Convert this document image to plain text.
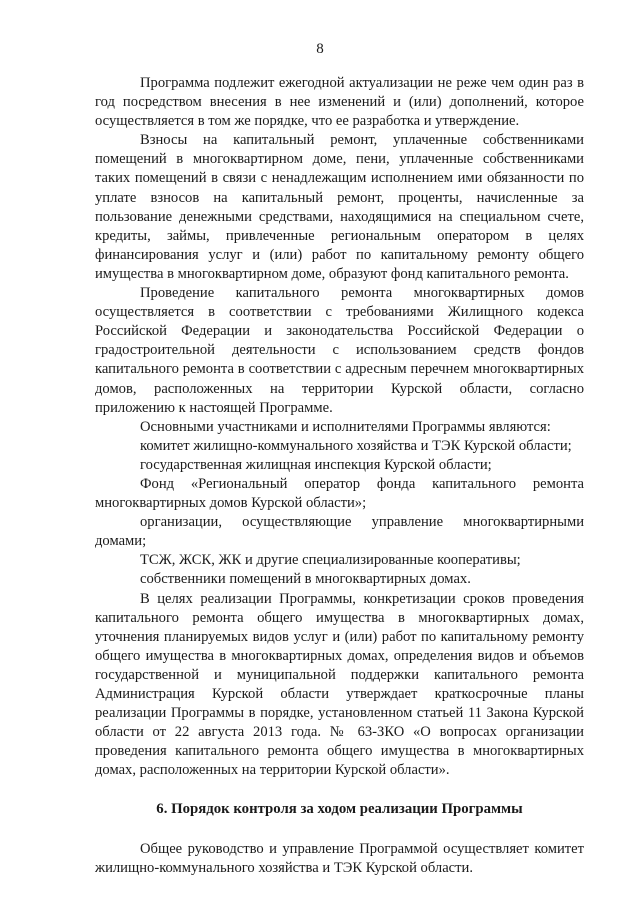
8

Программа подлежит ежегодной актуализации не реже чем один раз в год посредством внесения в нее изменений и (или) дополнений, которое осуществляется в том же порядке, что ее разработка и утверждение.

Взносы на капитальный ремонт, уплаченные собственниками помещений в многоквартирном доме, пени, уплаченные собственниками таких помещений в связи с ненадлежащим исполнением ими обязанности по уплате взносов на капитальный ремонт, проценты, начисленные за пользование денежными средствами, находящимися на специальном счете, кредиты, займы, привлеченные региональным оператором в целях финансирования услуг и (или) работ по капитальному ремонту общего имущества в многоквартирном доме, образуют фонд капитального ремонта.

Проведение капитального ремонта многоквартирных домов осуществляется в соответствии с требованиями Жилищного кодекса Российской Федерации и законодательства Российской Федерации о градостроительной деятельности с использованием средств фондов капитального ремонта в соответствии с адресным перечнем многоквартирных домов, расположенных на территории Курской области, согласно приложению к настоящей Программе.

Основными участниками и исполнителями Программы являются:

комитет жилищно-коммунального хозяйства и ТЭК Курской области;

государственная жилищная инспекция Курской области;

Фонд «Региональный оператор фонда капитального ремонта многоквартирных домов Курской области»;

организации, осуществляющие управление многоквартирными домами;

ТСЖ, ЖСК, ЖК и другие специализированные кооперативы;

собственники помещений в многоквартирных домах.

В целях реализации Программы, конкретизации сроков проведения капитального ремонта общего имущества в многоквартирных домах, уточнения планируемых видов услуг и (или) работ по капитальному ремонту общего имущества в многоквартирных домах, определения видов и объемов государственной и муниципальной поддержки капитального ремонта Администрация Курской области утверждает краткосрочные планы реализации Программы в порядке, установленном статьей 11 Закона Курской области от 22 августа 2013 года. № 63-ЗКО «О вопросах организации проведения капитального ремонта общего имущества в многоквартирных домах, расположенных на территории Курской области».

6. Порядок контроля за ходом реализации Программы

Общее руководство и управление Программой осуществляет комитет жилищно-коммунального хозяйства и ТЭК Курской области.
